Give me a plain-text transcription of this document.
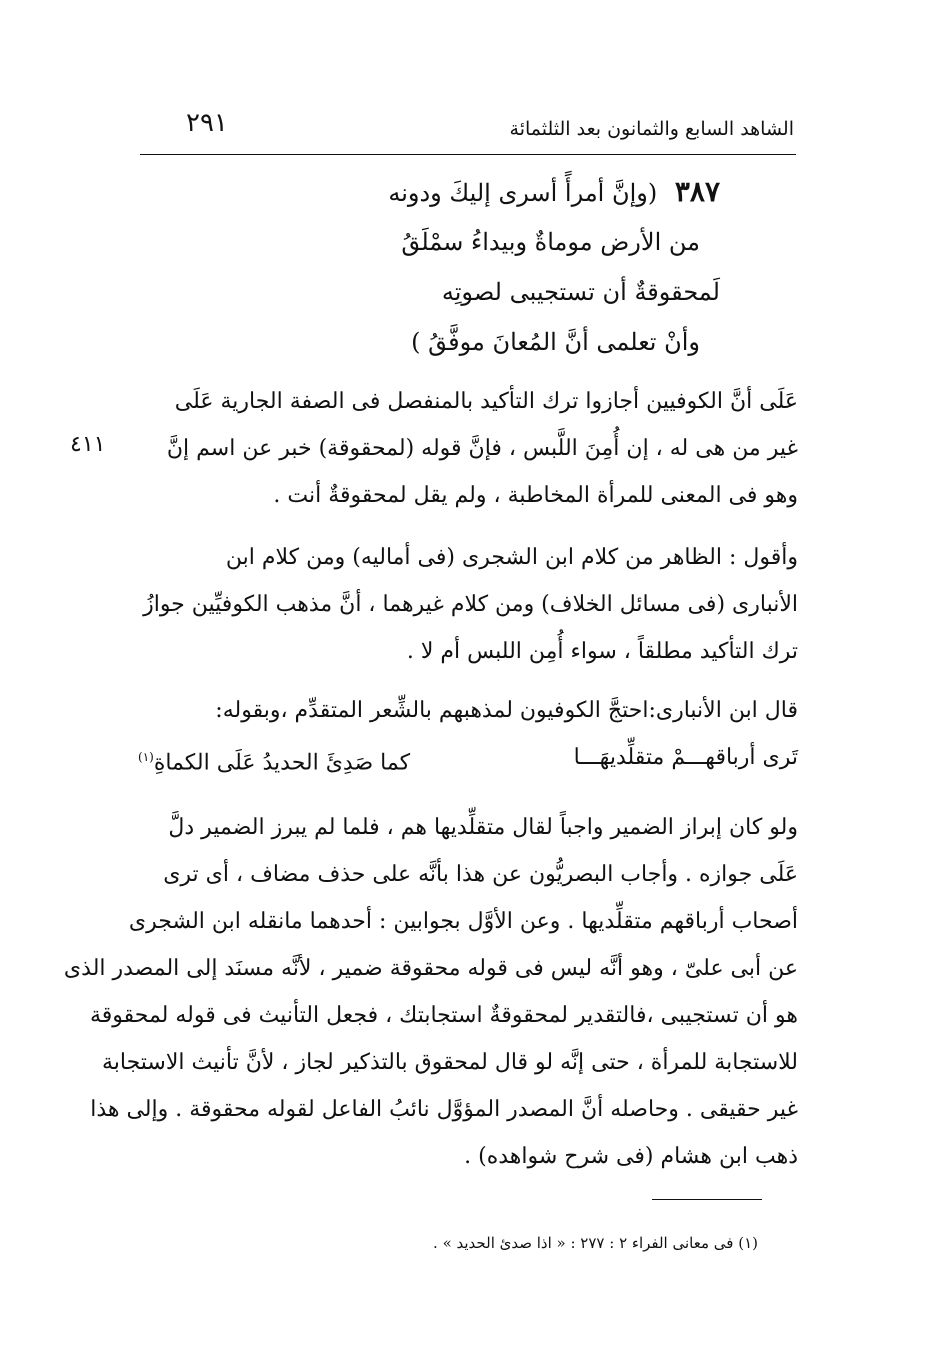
الشاهد السابع والثمانون بعد الثلثمائة
٢٩١
٤١١
٣٨٧ (وإنَّ أمرأً أسرى إليكَ ودونه
من الأرض موماةٌ وبيداءُ سمْلَقُ
لَمحقوقةٌ أن تستجيبى لصوتِه
وأنْ تعلمى أنَّ المُعانَ موفَّقُ )
عَلَى أنَّ الكوفيين أجازوا ترك التأكيد بالمنفصل فى الصفة الجارية عَلَى
غير من هى له ، إن أُمِنَ اللَّبس ، فإنَّ قوله (لمحقوقة) خبر عن اسم إنَّ
وهو فى المعنى للمرأة المخاطبة ، ولم يقل لمحقوقةٌ أنت .
وأقول : الظاهر من كلام ابن الشجرى (فى أماليه) ومن كلام ابن
الأنبارى (فى مسائل الخلاف) ومن كلام غيرهما ، أنَّ مذهب الكوفيِّين جوازُ
ترك التأكيد مطلقاً ، سواء أُمِن اللبس أم لا .
قال ابن الأنبارى:احتجَّ الكوفيون لمذهبهم بالشِّعر المتقدِّم ،وبقوله:
تَرى أرباقهـــمْ متقلِّديهَـــا
كما صَدِئَ الحديدُ عَلَى الكماةِ$^{(١)}$
ولو كان إبراز الضمير واجباً لقال متقلِّديها هم ، فلما لم يبرز الضمير دلَّ
عَلَى جوازه . وأجاب البصريُّون عن هذا بأنَّه على حذف مضاف ، أى ترى
أصحاب أرباقهم متقلِّديها . وعن الأوَّل بجوابين : أحدهما مانقله ابن الشجرى
عن أبى علىّ ، وهو أنَّه ليس فى قوله محقوقة ضمير ، لأنَّه مسنَد إلى المصدر الذى
هو أن تستجيبى ،فالتقدير لمحقوقةٌ استجابتك ، فجعل التأنيث فى قوله لمحقوقة
للاستجابة للمرأة ، حتى إنَّه لو قال لمحقوق بالتذكير لجاز ، لأنَّ تأنيث الاستجابة
غير حقيقى . وحاصله أنَّ المصدر المؤوَّل نائبُ الفاعل لقوله محقوقة . وإلى هذا
ذهب ابن هشام (فى شرح شواهده) .
(١) فى معانى الفراء ٢ : ٢٧٧ : « اذا صدئ الحديد » .
